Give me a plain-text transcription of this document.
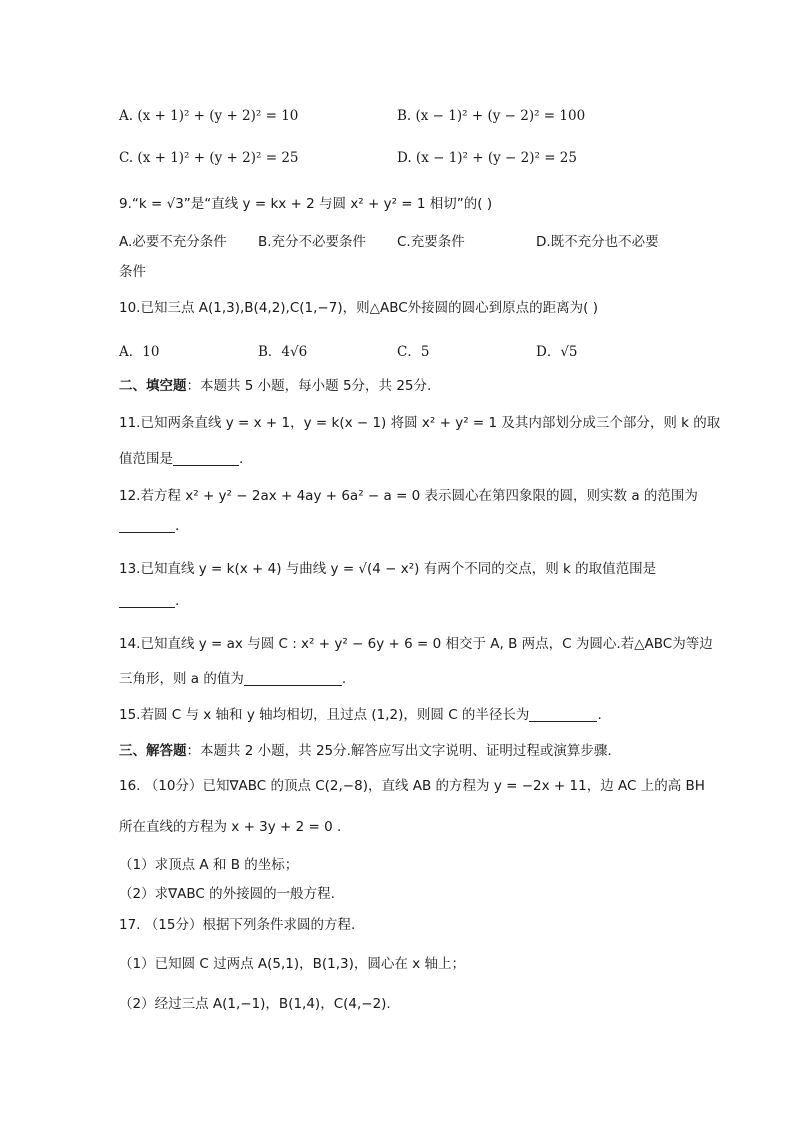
A. (x + 1)² + (y + 2)² = 10	B. (x − 1)² + (y − 2)² = 100
C. (x + 1)² + (y + 2)² = 25	D. (x − 1)² + (y − 2)² = 25
9.“k = √3”是“直线 y = kx + 2 与圆 x² + y² = 1 相切”的( )
A.必要不充分条件 B.充分不必要条件 C.充要条件	D.既不充分也不必要
条件
10.已知三点 A(1,3),B(4,2),C(1,−7)，则△ABC外接圆的圆心到原点的距离为( )
A．10	B．4√6	C．5	D．√5
二、填空题：本题共 5 小题，每小题 5分，共 25分.
11.已知两条直线 y = x + 1，y = k(x − 1) 将圆 x² + y² = 1 及其内部划分成三个部分，则 k 的取
值范围是	.
12.若方程 x² + y² − 2ax + 4ay + 6a² − a = 0 表示圆心在第四象限的圆，则实数 a 的范围为
.
13.已知直线 y = k(x + 4) 与曲线 y = √(4 − x²) 有两个不同的交点，则 k 的取值范围是
.
14.已知直线 y = ax 与圆 C : x² + y² − 6y + 6 = 0 相交于 A, B 两点，C 为圆心.若△ABC为等边
三角形，则 a 的值为	.
15.若圆 C 与 x 轴和 y 轴均相切，且过点 (1,2)，则圆 C 的半径长为	.
三、解答题：本题共 2 小题，共 25分.解答应写出文字说明、证明过程或演算步骤.
16. （10分）已知∇ABC 的顶点 C(2,−8)，直线 AB 的方程为 y = −2x + 11，边 AC 上的高 BH
所在直线的方程为 x + 3y + 2 = 0 .
（1）求顶点 A 和 B 的坐标；
（2）求∇ABC 的外接圆的一般方程.
17. （15分）根据下列条件求圆的方程.
（1）已知圆 C 过两点 A(5,1)，B(1,3)，圆心在 x 轴上；
（2）经过三点 A(1,−1)，B(1,4)，C(4,−2).
